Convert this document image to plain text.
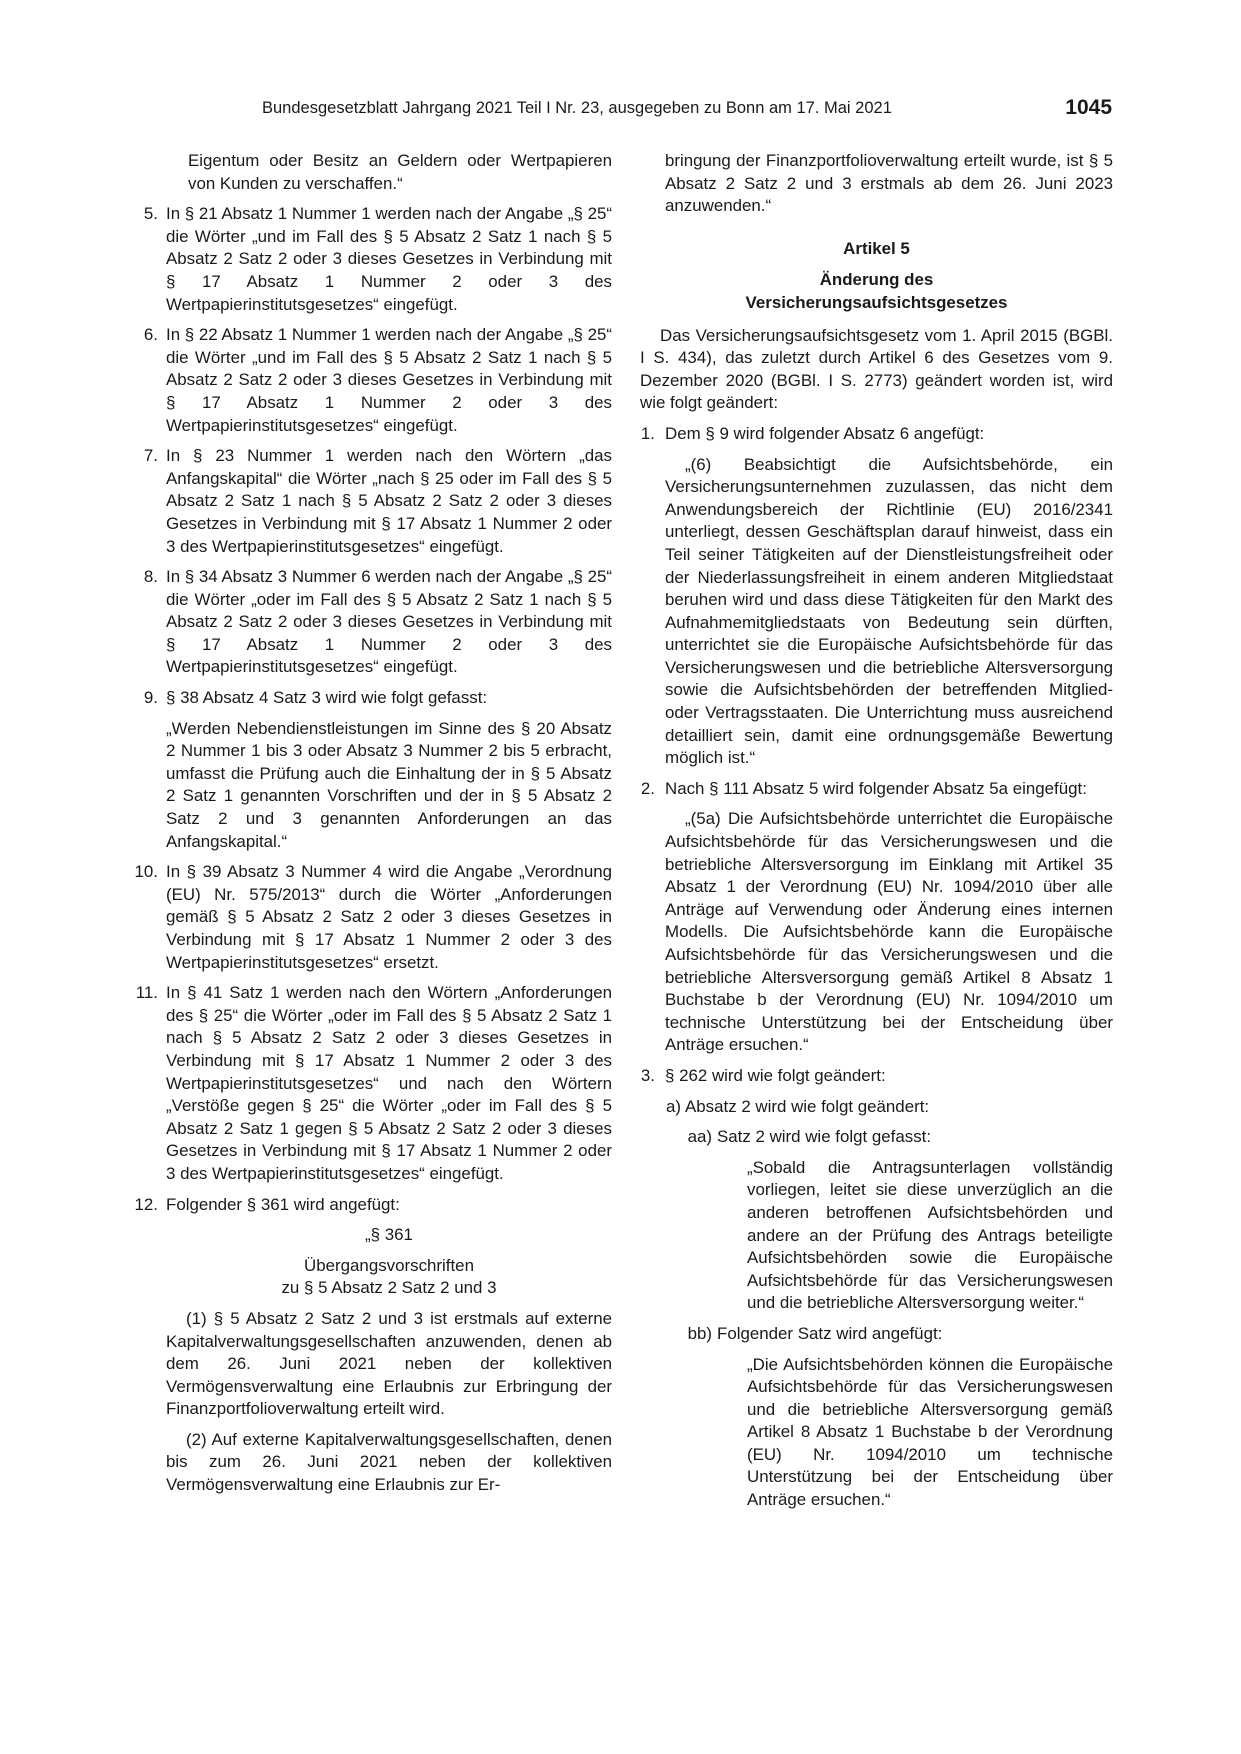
Bundesgesetzblatt Jahrgang 2021 Teil I Nr. 23, ausgegeben zu Bonn am 17. Mai 2021	1045

Eigentum oder Besitz an Geldern oder Wertpapieren von Kunden zu verschaffen.“

5. In § 21 Absatz 1 Nummer 1 werden nach der Angabe „§ 25“ die Wörter „und im Fall des § 5 Absatz 2 Satz 1 nach § 5 Absatz 2 Satz 2 oder 3 dieses Gesetzes in Verbindung mit § 17 Absatz 1 Nummer 2 oder 3 des Wertpapierinstitutsgesetzes“ eingefügt.

6. In § 22 Absatz 1 Nummer 1 werden nach der Angabe „§ 25“ die Wörter „und im Fall des § 5 Absatz 2 Satz 1 nach § 5 Absatz 2 Satz 2 oder 3 dieses Gesetzes in Verbindung mit § 17 Absatz 1 Nummer 2 oder 3 des Wertpapierinstitutsgesetzes“ eingefügt.

7. In § 23 Nummer 1 werden nach den Wörtern „das Anfangskapital“ die Wörter „nach § 25 oder im Fall des § 5 Absatz 2 Satz 1 nach § 5 Absatz 2 Satz 2 oder 3 dieses Gesetzes in Verbindung mit § 17 Absatz 1 Nummer 2 oder 3 des Wertpapierinstitutsgesetzes“ eingefügt.

8. In § 34 Absatz 3 Nummer 6 werden nach der Angabe „§ 25“ die Wörter „oder im Fall des § 5 Absatz 2 Satz 1 nach § 5 Absatz 2 Satz 2 oder 3 dieses Gesetzes in Verbindung mit § 17 Absatz 1 Nummer 2 oder 3 des Wertpapierinstitutsgesetzes“ eingefügt.

9. § 38 Absatz 4 Satz 3 wird wie folgt gefasst:

„Werden Nebendienstleistungen im Sinne des § 20 Absatz 2 Nummer 1 bis 3 oder Absatz 3 Nummer 2 bis 5 erbracht, umfasst die Prüfung auch die Einhaltung der in § 5 Absatz 2 Satz 1 genannten Vorschriften und der in § 5 Absatz 2 Satz 2 und 3 genannten Anforderungen an das Anfangskapital.“

10. In § 39 Absatz 3 Nummer 4 wird die Angabe „Verordnung (EU) Nr. 575/2013“ durch die Wörter „Anforderungen gemäß § 5 Absatz 2 Satz 2 oder 3 dieses Gesetzes in Verbindung mit § 17 Absatz 1 Nummer 2 oder 3 des Wertpapierinstitutsgesetzes“ ersetzt.

11. In § 41 Satz 1 werden nach den Wörtern „Anforderungen des § 25“ die Wörter „oder im Fall des § 5 Absatz 2 Satz 1 nach § 5 Absatz 2 Satz 2 oder 3 dieses Gesetzes in Verbindung mit § 17 Absatz 1 Nummer 2 oder 3 des Wertpapierinstitutsgesetzes“ und nach den Wörtern „Verstöße gegen § 25“ die Wörter „oder im Fall des § 5 Absatz 2 Satz 1 gegen § 5 Absatz 2 Satz 2 oder 3 dieses Gesetzes in Verbindung mit § 17 Absatz 1 Nummer 2 oder 3 des Wertpapierinstitutsgesetzes“ eingefügt.

12. Folgender § 361 wird angefügt:

„§ 361

Übergangsvorschriften

zu § 5 Absatz 2 Satz 2 und 3

(1) § 5 Absatz 2 Satz 2 und 3 ist erstmals auf externe Kapitalverwaltungsgesellschaften anzuwenden, denen ab dem 26. Juni 2021 neben der kollektiven Vermögensverwaltung eine Erlaubnis zur Erbringung der Finanzportfolioverwaltung erteilt wird.

(2) Auf externe Kapitalverwaltungsgesellschaften, denen bis zum 26. Juni 2021 neben der kollektiven Vermögensverwaltung eine Erlaubnis zur Er-

bringung der Finanzportfolioverwaltung erteilt wurde, ist § 5 Absatz 2 Satz 2 und 3 erstmals ab dem 26. Juni 2023 anzuwenden.“

Artikel 5

Änderung des

Versicherungsaufsichtsgesetzes

Das Versicherungsaufsichtsgesetz vom 1. April 2015 (BGBl. I S. 434), das zuletzt durch Artikel 6 des Gesetzes vom 9. Dezember 2020 (BGBl. I S. 2773) geändert worden ist, wird wie folgt geändert:

1. Dem § 9 wird folgender Absatz 6 angefügt:

„(6) Beabsichtigt die Aufsichtsbehörde, ein Versicherungsunternehmen zuzulassen, das nicht dem Anwendungsbereich der Richtlinie (EU) 2016/2341 unterliegt, dessen Geschäftsplan darauf hinweist, dass ein Teil seiner Tätigkeiten auf der Dienstleistungsfreiheit oder der Niederlassungsfreiheit in einem anderen Mitgliedstaat beruhen wird und dass diese Tätigkeiten für den Markt des Aufnahmemitgliedstaats von Bedeutung sein dürften, unterrichtet sie die Europäische Aufsichtsbehörde für das Versicherungswesen und die betriebliche Altersversorgung sowie die Aufsichtsbehörden der betreffenden Mitglied- oder Vertragsstaaten. Die Unterrichtung muss ausreichend detailliert sein, damit eine ordnungsgemäße Bewertung möglich ist.“

2. Nach § 111 Absatz 5 wird folgender Absatz 5a eingefügt:

„(5a) Die Aufsichtsbehörde unterrichtet die Europäische Aufsichtsbehörde für das Versicherungswesen und die betriebliche Altersversorgung im Einklang mit Artikel 35 Absatz 1 der Verordnung (EU) Nr. 1094/2010 über alle Anträge auf Verwendung oder Änderung eines internen Modells. Die Aufsichtsbehörde kann die Europäische Aufsichtsbehörde für das Versicherungswesen und die betriebliche Altersversorgung gemäß Artikel 8 Absatz 1 Buchstabe b der Verordnung (EU) Nr. 1094/2010 um technische Unterstützung bei der Entscheidung über Anträge ersuchen.“

3. § 262 wird wie folgt geändert:

a) Absatz 2 wird wie folgt geändert:

aa) Satz 2 wird wie folgt gefasst:

„Sobald die Antragsunterlagen vollständig vorliegen, leitet sie diese unverzüglich an die anderen betroffenen Aufsichtsbehörden und andere an der Prüfung des Antrags beteiligte Aufsichtsbehörden sowie die Europäische Aufsichtsbehörde für das Versicherungswesen und die betriebliche Altersversorgung weiter.“

bb) Folgender Satz wird angefügt:

„Die Aufsichtsbehörden können die Europäische Aufsichtsbehörde für das Versicherungswesen und die betriebliche Altersversorgung gemäß Artikel 8 Absatz 1 Buchstabe b der Verordnung (EU) Nr. 1094/2010 um technische Unterstützung bei der Entscheidung über Anträge ersuchen.“
